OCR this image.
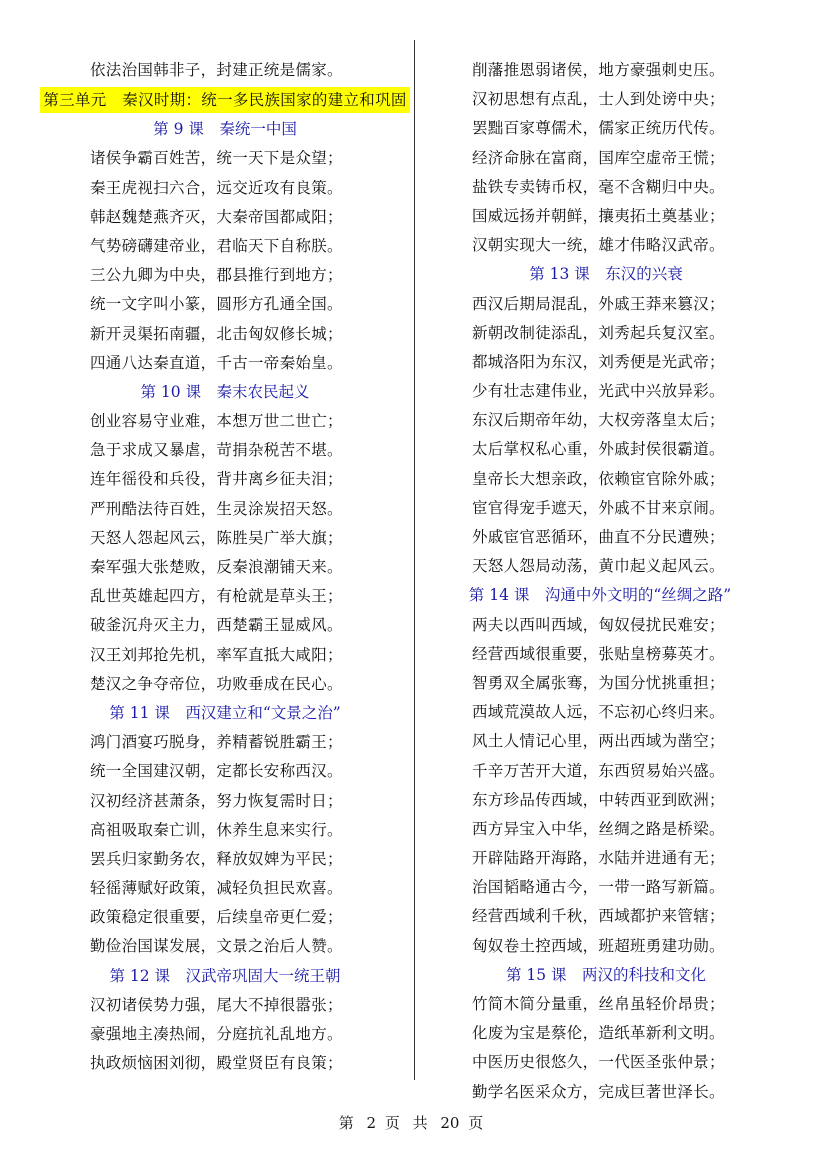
依法治国韩非子，封建正统是儒家。
第三单元　秦汉时期：统一多民族国家的建立和巩固
第 9 课　秦统一中国
诸侯争霸百姓苦，统一天下是众望；
秦王虎视扫六合，远交近攻有良策。
韩赵魏楚燕齐灭，大秦帝国都咸阳；
气势磅礴建帝业，君临天下自称朕。
三公九卿为中央，郡县推行到地方；
统一文字叫小篆，圆形方孔通全国。
新开灵渠拓南疆，北击匈奴修长城；
四通八达秦直道，千古一帝秦始皇。
第 10 课　秦末农民起义
创业容易守业难，本想万世二世亡；
急于求成又暴虐，苛捐杂税苦不堪。
连年徭役和兵役，背井离乡征夫泪；
严刑酷法待百姓，生灵涂炭招天怒。
天怒人怨起风云，陈胜吴广举大旗；
秦军强大张楚败，反秦浪潮铺天来。
乱世英雄起四方，有枪就是草头王；
破釜沉舟灭主力，西楚霸王显威风。
汉王刘邦抢先机，率军直抵大咸阳；
楚汉之争夺帝位，功败垂成在民心。
第 11 课　西汉建立和“文景之治”
鸿门酒宴巧脱身，养精蓄锐胜霸王；
统一全国建汉朝，定都长安称西汉。
汉初经济甚萧条，努力恢复需时日；
高祖吸取秦亡训，休养生息来实行。
罢兵归家勤务农，释放奴婢为平民；
轻徭薄赋好政策，减轻负担民欢喜。
政策稳定很重要，后续皇帝更仁爱；
勤俭治国谋发展，文景之治后人赞。
第 12 课　汉武帝巩固大一统王朝
汉初诸侯势力强，尾大不掉很嚣张；
豪强地主凑热闹，分庭抗礼乱地方。
执政烦恼困刘彻，殿堂贤臣有良策；
削藩推恩弱诸侯，地方豪强刺史压。
汉初思想有点乱，士人到处谤中央；
罢黜百家尊儒术，儒家正统历代传。
经济命脉在富商，国库空虚帝王慌；
盐铁专卖铸币权，毫不含糊归中央。
国威远扬并朝鲜，攘夷拓土奠基业；
汉朝实现大一统，雄才伟略汉武帝。
第 13 课　东汉的兴衰
西汉后期局混乱，外戚王莽来篡汉；
新朝改制徒添乱，刘秀起兵复汉室。
都城洛阳为东汉，刘秀便是光武帝；
少有壮志建伟业，光武中兴放异彩。
东汉后期帝年幼，大权旁落皇太后；
太后掌权私心重，外戚封侯很霸道。
皇帝长大想亲政，依赖宦官除外戚；
宦官得宠手遮天，外戚不甘来京闹。
外戚宦官恶循环，曲直不分民遭殃；
天怒人怨局动荡，黄巾起义起风云。
第 14 课　沟通中外文明的“丝绸之路”
两夫以西叫西域，匈奴侵扰民难安；
经营西域很重要，张贴皇榜募英才。
智勇双全属张骞，为国分忧挑重担；
西域荒漠故人远，不忘初心终归来。
风土人情记心里，两出西域为凿空；
千辛万苦开大道，东西贸易始兴盛。
东方珍品传西域，中转西亚到欧洲；
西方异宝入中华，丝绸之路是桥梁。
开辟陆路开海路，水陆并进通有无；
治国韬略通古今，一带一路写新篇。
经营西域利千秋，西域都护来管辖；
匈奴卷土控西域，班超班勇建功勋。
第 15 课　两汉的科技和文化
竹简木简分量重，丝帛虽轻价昂贵；
化废为宝是蔡伦，造纸革新利文明。
中医历史很悠久，一代医圣张仲景；
勤学名医采众方，完成巨著世泽长。
第 2 页 共 20 页
